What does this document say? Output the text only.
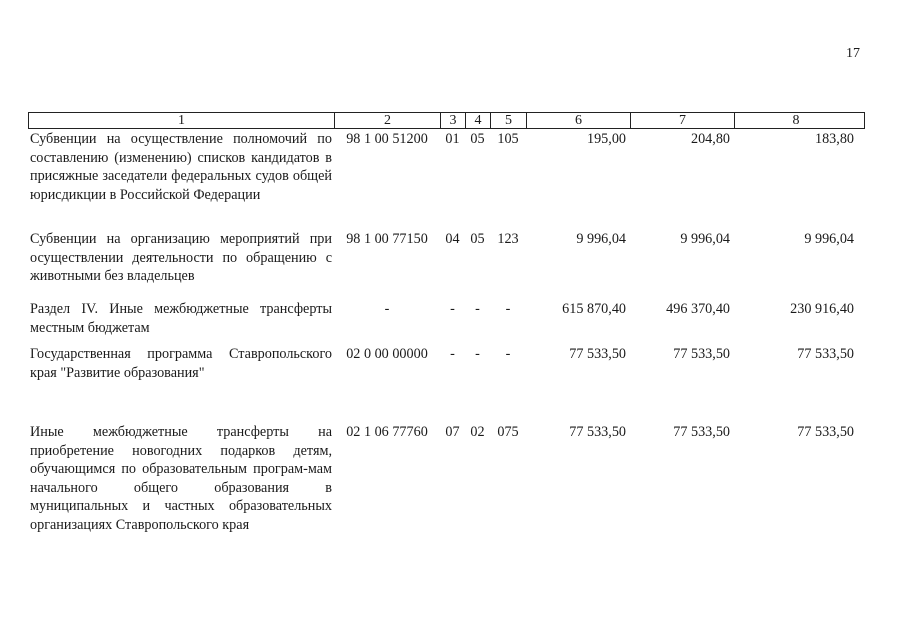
17
1	2	3	4	5	6	7	8
Субвенции на осуществление полномочий по составлению (изменению) списков кандидатов в присяжные заседатели федеральных судов общей юрисдикции в Российской Федерации
98 1 00 51200	01 05 105	195,00	204,80	183,80
Субвенции на организацию мероприятий при осуществлении деятельности по обращению с животными без владельцев
98 1 00 77150	04 05 123	9 996,04	9 996,04	9 996,04
Раздел IV. Иные межбюджетные трансферты местным бюджетам
-	-	-	-	615 870,40	496 370,40	230 916,40
Государственная программа Ставропольского края "Развитие образования"
02 0 00 00000	-	-	-	77 533,50	77 533,50	77 533,50
Иные межбюджетные трансферты на приобретение новогодних подарков детям, обучающимся по образовательным програм-мам начального общего образования в муниципальных и частных образовательных организациях Ставропольского края
02 1 06 77760	07 02 075	77 533,50	77 533,50	77 533,50
